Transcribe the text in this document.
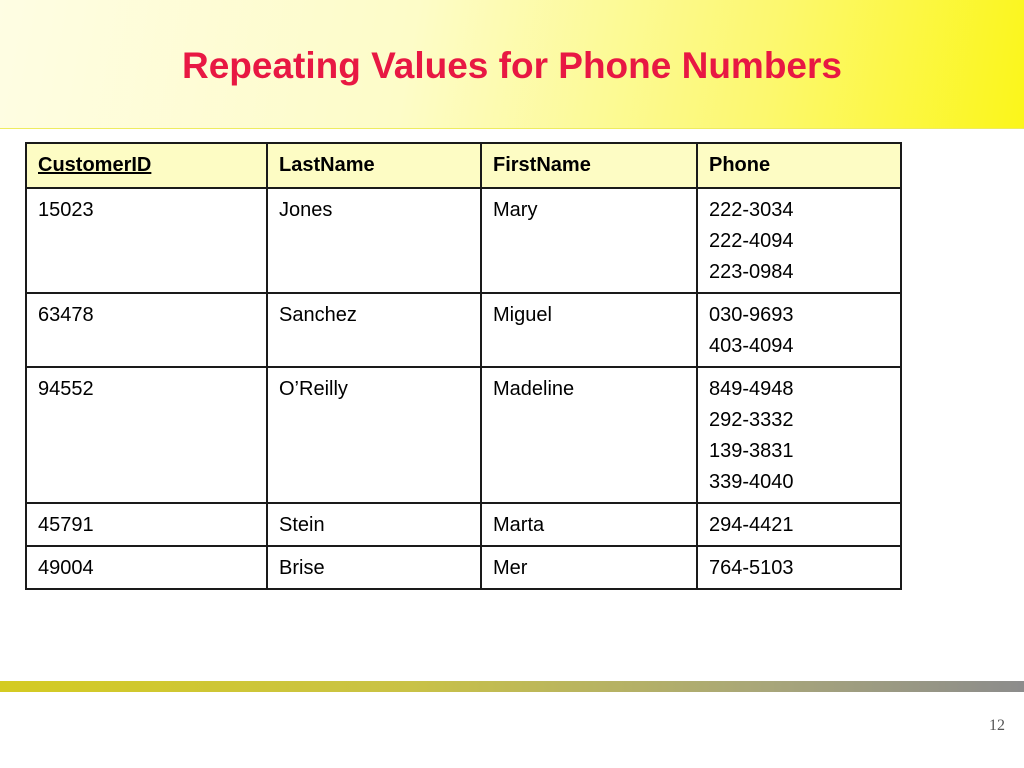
Repeating Values for Phone Numbers
CustomerID	LastName	FirstName	Phone
15023	Jones	Mary	222-3034
222-4094
223-0984

63478	Sanchez	Miguel	030-9693
403-4094

94552	O’Reilly	Madeline	849-4948
292-3332
139-3831
339-4040

45791	Stein	Marta	294-4421

49004	Brise	Mer	764-5103
12
